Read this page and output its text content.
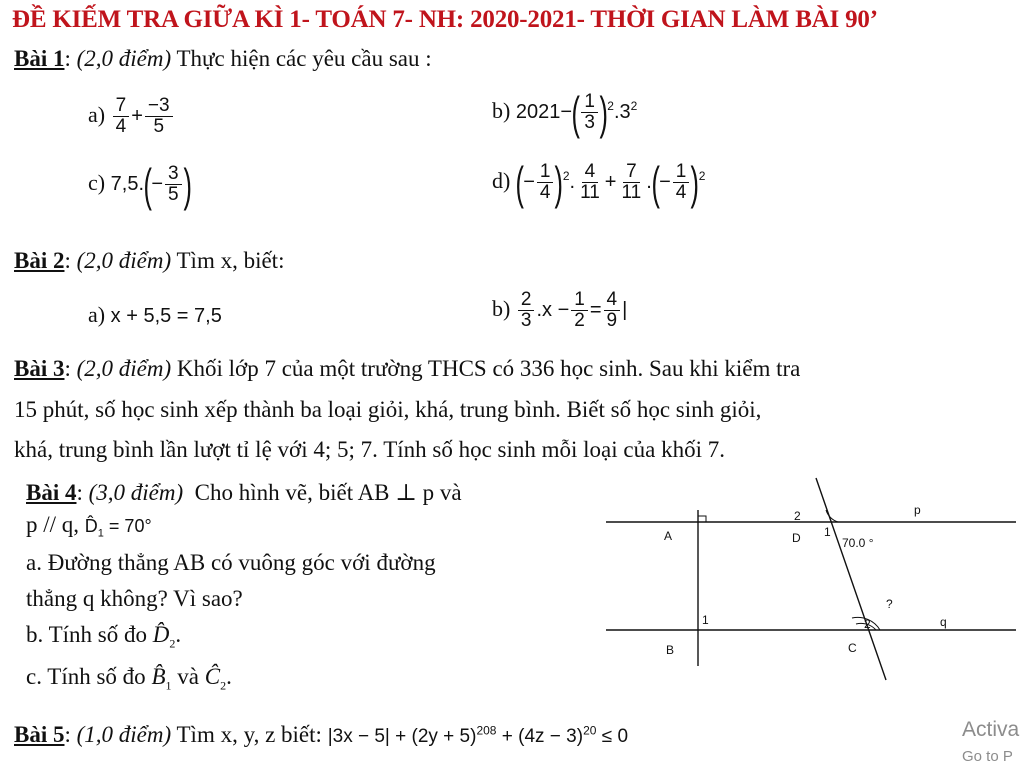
ĐỀ KIẾM TRA GIỮA KÌ 1- TOÁN 7- NH: 2020-2021- THỜI GIAN LÀM BÀI 90’
Bài 1: (2,0 điểm) Thực hiện các yêu cầu sau :
$a) \frac{7}{4} + \frac{-3}{5}$	b) $2021-( \frac{1}{3} )^2.3^2$
c) $7,5.(- \frac{3}{5}$ )	d) (− $\frac{1}{4} )^2$. $\frac{4}{11} + \frac{7}{11}$ .(− $\frac{1}{4} )^2$
Bài 2: (2,0 điểm) Tìm x, biết:
a) x + 5,5 = 7,5	$b) \frac{2}{3} .x - \frac{1}{2} = \frac{4}{9}$ |
Bài 3: (2,0 điểm) Khối lớp 7 của một trường THCS có 336 học sinh. Sau khi kiểm tra
15 phút, số học sinh xếp thành ba loại giỏi, khá, trung bình. Biết số học sinh giỏi,
khá, trung bình lần lượt tỉ lệ với 4; 5; 7. Tính số học sinh mỗi loại của khối 7.
Bài 4: (3,0 điểm) Cho hình vẽ, biết AB ⊥ p và
p // q, $D̂_1 = 70^\circ$
a. Đường thẳng AB có vuông góc với đường
thẳng q không? Vì sao?
b. Tính số đo $D̂_2$.
c. Tính số đo $B̂_1$ và $Ĉ_2$.
p
q
A
B	C
D
2
1
70.0 °
1	2
?
Bài 5: (1,0 điểm) Tìm x, y, z biết: $|3x - 5| + (2y + 5)^{208} + (4z - 3)^{20} \le 0$	Activa
Go to P
